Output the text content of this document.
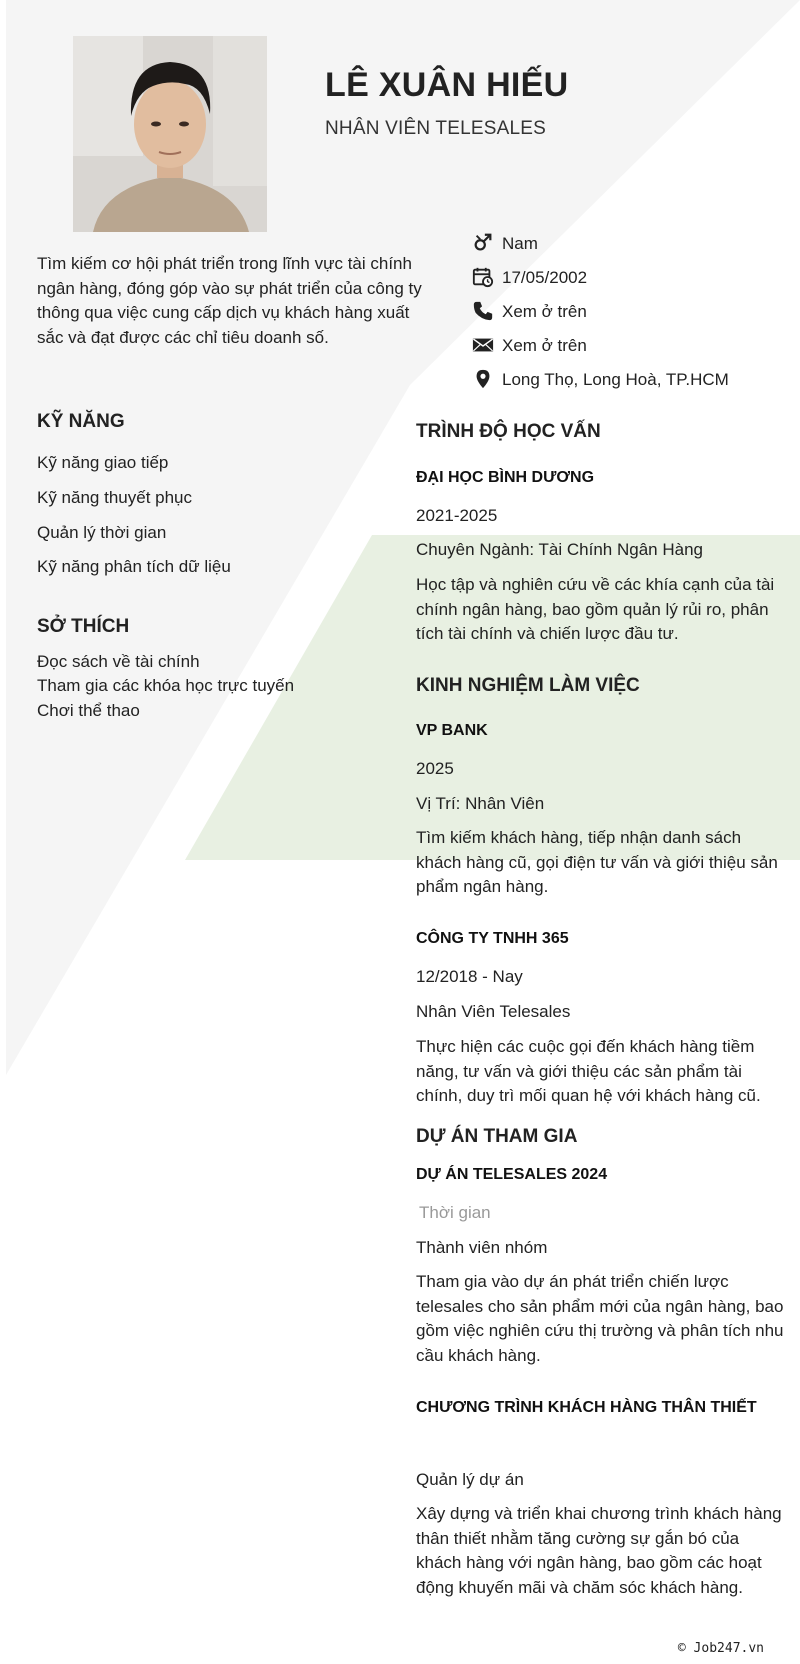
LÊ XUÂN HIẾU
NHÂN VIÊN TELESALES
Tìm kiếm cơ hội phát triển trong lĩnh vực tài chính ngân hàng, đóng góp vào sự phát triển của công ty thông qua việc cung cấp dịch vụ khách hàng xuất sắc và đạt được các chỉ tiêu doanh số.
Nam
17/05/2002
Xem ở trên
Xem ở trên
Long Thọ, Long Hoà, TP.HCM
KỸ NĂNG
Kỹ năng giao tiếp
Kỹ năng thuyết phục
Quản lý thời gian
Kỹ năng phân tích dữ liệu
SỞ THÍCH
Đọc sách về tài chính
Tham gia các khóa học trực tuyến
Chơi thể thao
TRÌNH ĐỘ HỌC VẤN
ĐẠI HỌC BÌNH DƯƠNG
2021-2025
Chuyên Ngành: Tài Chính Ngân Hàng
Học tập và nghiên cứu về các khía cạnh của tài chính ngân hàng, bao gồm quản lý rủi ro, phân tích tài chính và chiến lược đầu tư.
KINH NGHIỆM LÀM VIỆC
VP BANK
2025
Vị Trí: Nhân Viên
Tìm kiếm khách hàng, tiếp nhận danh sách khách hàng cũ, gọi điện tư vấn và giới thiệu sản phẩm ngân hàng.
CÔNG TY TNHH 365
12/2018 - Nay
Nhân Viên Telesales
Thực hiện các cuộc gọi đến khách hàng tiềm năng, tư vấn và giới thiệu các sản phẩm tài chính, duy trì mối quan hệ với khách hàng cũ.
DỰ ÁN THAM GIA
DỰ ÁN TELESALES 2024
Thời gian
Thành viên nhóm
Tham gia vào dự án phát triển chiến lược telesales cho sản phẩm mới của ngân hàng, bao gồm việc nghiên cứu thị trường và phân tích nhu cầu khách hàng.
CHƯƠNG TRÌNH KHÁCH HÀNG THÂN THIẾT
Quản lý dự án
Xây dựng và triển khai chương trình khách hàng thân thiết nhằm tăng cường sự gắn bó của khách hàng với ngân hàng, bao gồm các hoạt động khuyến mãi và chăm sóc khách hàng.
© Job247.vn
